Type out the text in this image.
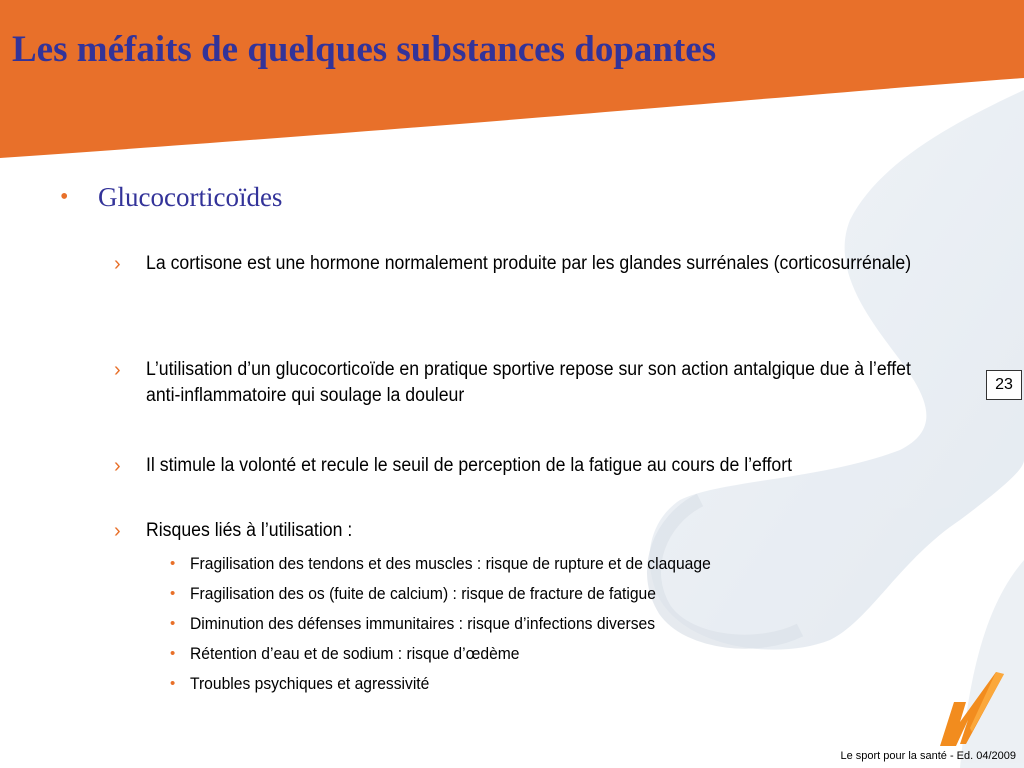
Les méfaits de quelques substances dopantes
• Glucocorticoïdes
› La cortisone est une hormone normalement produite par les glandes surrénales (corticosurrénale)
› L’utilisation d’un glucocorticoïde en pratique sportive repose sur son action antalgique due à l’effet anti-inflammatoire qui soulage la douleur
› Il stimule la volonté et recule le seuil de perception de la fatigue au cours de l’effort
› Risques liés à l’utilisation :
• Fragilisation des tendons et des muscles : risque de rupture et de claquage
• Fragilisation des os (fuite de calcium) : risque de fracture de fatigue
• Diminution des défenses immunitaires : risque d’infections diverses
• Rétention d’eau et de sodium : risque d’œdème
• Troubles psychiques et agressivité
23
Le sport pour la santé - Ed. 04/2009
